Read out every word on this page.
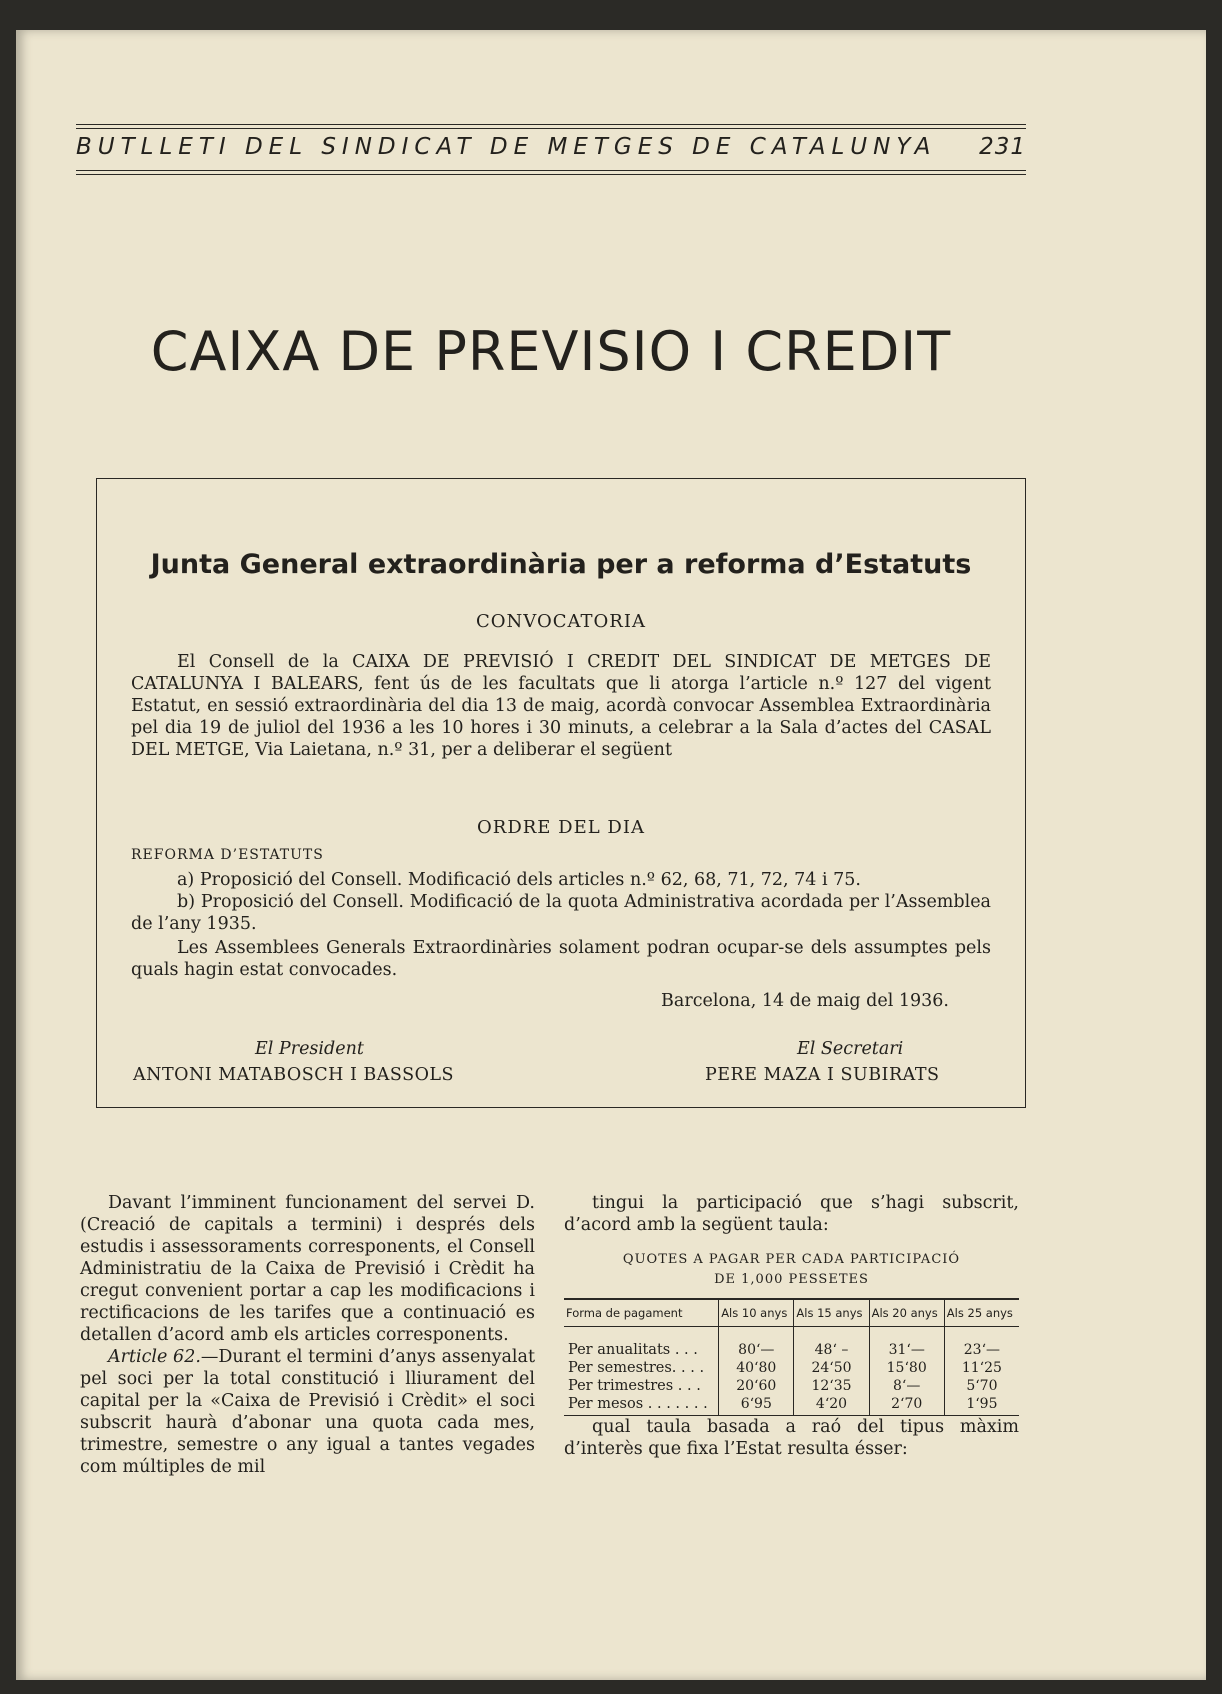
BUTLLETI DEL SINDICAT DE METGES DE CATALUNYA 231
CAIXA DE PREVISIO I CREDIT
Junta General extraordinària per a reforma d’Estatuts
CONVOCATORIA

El Consell de la CAIXA DE PREVISIÓ I CREDIT DEL SINDICAT DE METGES DE CATALUNYA I BALEARS, fent ús de les facultats que li atorga l’article n.º 127 del vigent Estatut, en sessió extraordinària del dia 13 de maig, acordà convocar Assemblea Extraordinària pel dia 19 de juliol del 1936 a les 10 hores i 30 minuts, a celebrar a la Sala d’actes del CASAL DEL METGE, Via Laietana, n.º 31, per a deliberar el següent

ORDRE DEL DIA
REFORMA D’ESTATUTS

a) Proposició del Consell. Modificació dels articles n.º 62, 68, 71, 72, 74 i 75.

b) Proposició del Consell. Modificació de la quota Administrativa acordada per l’Assemblea de l’any 1935.

Les Assemblees Generals Extraordinàries solament podran ocupar-se dels assumptes pels quals hagin estat convocades.

Barcelona, 14 de maig del 1936.
El President
ANTONI MATABOSCH I BASSOLS
El Secretari
PERE MAZA I SUBIRATS

Davant l’imminent funcionament del servei D. (Creació de capitals a termini) i després dels estudis i assessoraments corresponents, el Consell Administratiu de la Caixa de Previsió i Crèdit ha cregut convenient portar a cap les modificacions i rectificacions de les tarifes que a continuació es detallen d’acord amb els articles corresponents.

Article 62.—Durant el termini d’anys assenyalat pel soci per la total constitució i lliurament del capital per la «Caixa de Previsió i Crèdit» el soci subscrit haurà d’abonar una quota cada mes, trimestre, semestre o any igual a tantes vegades com múltiples de mil

tingui la participació que s’hagi subscrit, d’acord amb la següent taula:

QUOTES A PAGAR PER CADA PARTICIPACIÓ
DE 1,000 PESSETES
Forma de pagament	Als 10 anys	Als 15 anys	Als 20 anys	Als 25 anys
Per anualitats . . .	80‘—	48‘ –	31‘—	23‘—
Per semestres. . . .	40‘80	24‘50	15‘80	11‘25
Per trimestres . . .	20‘60	12‘35	8‘—	5‘70
Per mesos . . . . . . .	6‘95	4‘20	2‘70	1‘95

qual taula basada a raó del tipus màxim d’interès que fixa l’Estat resulta ésser:
